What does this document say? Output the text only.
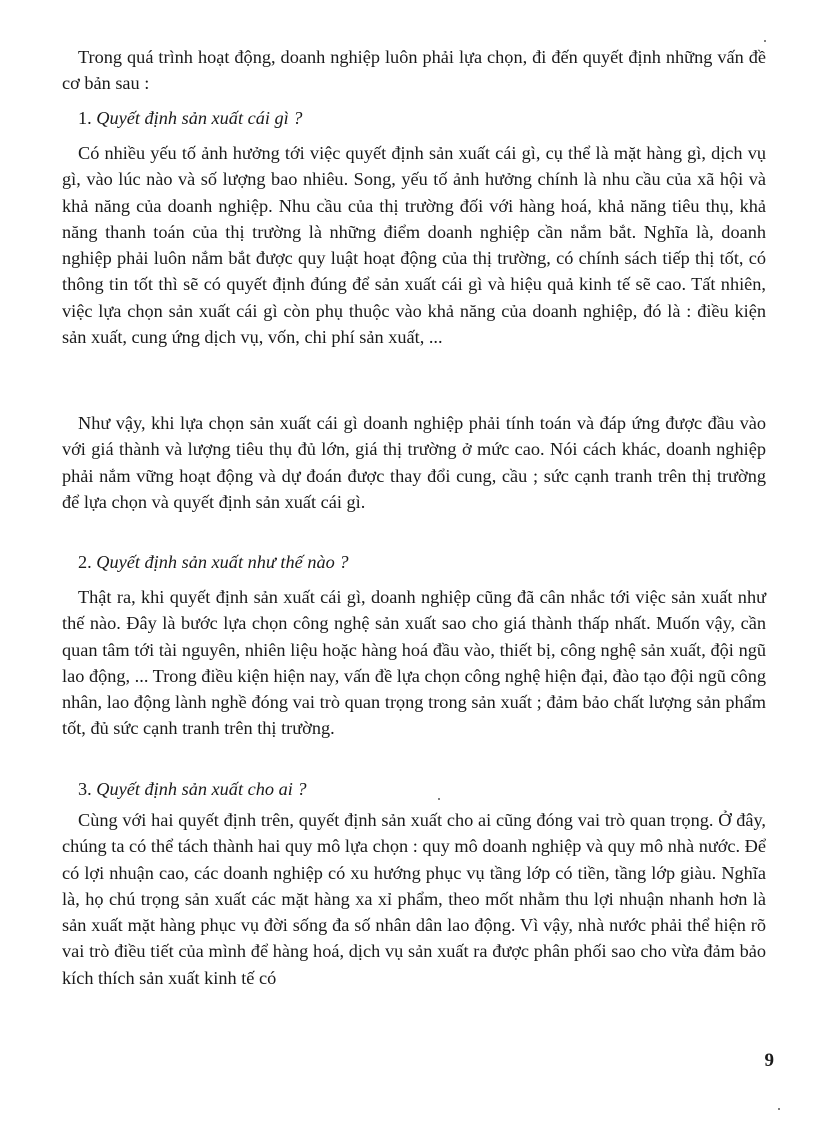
Trong quá trình hoạt động, doanh nghiệp luôn phải lựa chọn, đi đến quyết định những vấn đề cơ bản sau :

1. Quyết định sản xuất cái gì ?

Có nhiều yếu tố ảnh hưởng tới việc quyết định sản xuất cái gì, cụ thể là mặt hàng gì, dịch vụ gì, vào lúc nào và số lượng bao nhiêu. Song, yếu tố ảnh hưởng chính là nhu cầu của xã hội và khả năng của doanh nghiệp. Nhu cầu của thị trường đối với hàng hoá, khả năng tiêu thụ, khả năng thanh toán của thị trường là những điểm doanh nghiệp cần nắm bắt. Nghĩa là, doanh nghiệp phải luôn nắm bắt được quy luật hoạt động của thị trường, có chính sách tiếp thị tốt, có thông tin tốt thì sẽ có quyết định đúng để sản xuất cái gì và hiệu quả kinh tế sẽ cao. Tất nhiên, việc lựa chọn sản xuất cái gì còn phụ thuộc vào khả năng của doanh nghiệp, đó là : điều kiện sản xuất, cung ứng dịch vụ, vốn, chi phí sản xuất, ...

Như vậy, khi lựa chọn sản xuất cái gì doanh nghiệp phải tính toán và đáp ứng được đầu vào với giá thành và lượng tiêu thụ đủ lớn, giá thị trường ở mức cao. Nói cách khác, doanh nghiệp phải nắm vững hoạt động và dự đoán được thay đổi cung, cầu ; sức cạnh tranh trên thị trường để lựa chọn và quyết định sản xuất cái gì.

2. Quyết định sản xuất như thế nào ?

Thật ra, khi quyết định sản xuất cái gì, doanh nghiệp cũng đã cân nhắc tới việc sản xuất như thế nào. Đây là bước lựa chọn công nghệ sản xuất sao cho giá thành thấp nhất. Muốn vậy, cần quan tâm tới tài nguyên, nhiên liệu hoặc hàng hoá đầu vào, thiết bị, công nghệ sản xuất, đội ngũ lao động, ... Trong điều kiện hiện nay, vấn đề lựa chọn công nghệ hiện đại, đào tạo đội ngũ công nhân, lao động lành nghề đóng vai trò quan trọng trong sản xuất ; đảm bảo chất lượng sản phẩm tốt, đủ sức cạnh tranh trên thị trường.

3. Quyết định sản xuất cho ai ?

Cùng với hai quyết định trên, quyết định sản xuất cho ai cũng đóng vai trò quan trọng. Ở đây, chúng ta có thể tách thành hai quy mô lựa chọn : quy mô doanh nghiệp và quy mô nhà nước. Để có lợi nhuận cao, các doanh nghiệp có xu hướng phục vụ tầng lớp có tiền, tầng lớp giàu. Nghĩa là, họ chú trọng sản xuất các mặt hàng xa xỉ phẩm, theo mốt nhằm thu lợi nhuận nhanh hơn là sản xuất mặt hàng phục vụ đời sống đa số nhân dân lao động. Vì vậy, nhà nước phải thể hiện rõ vai trò điều tiết của mình để hàng hoá, dịch vụ sản xuất ra được phân phối sao cho vừa đảm bảo kích thích sản xuất kinh tế có

9
